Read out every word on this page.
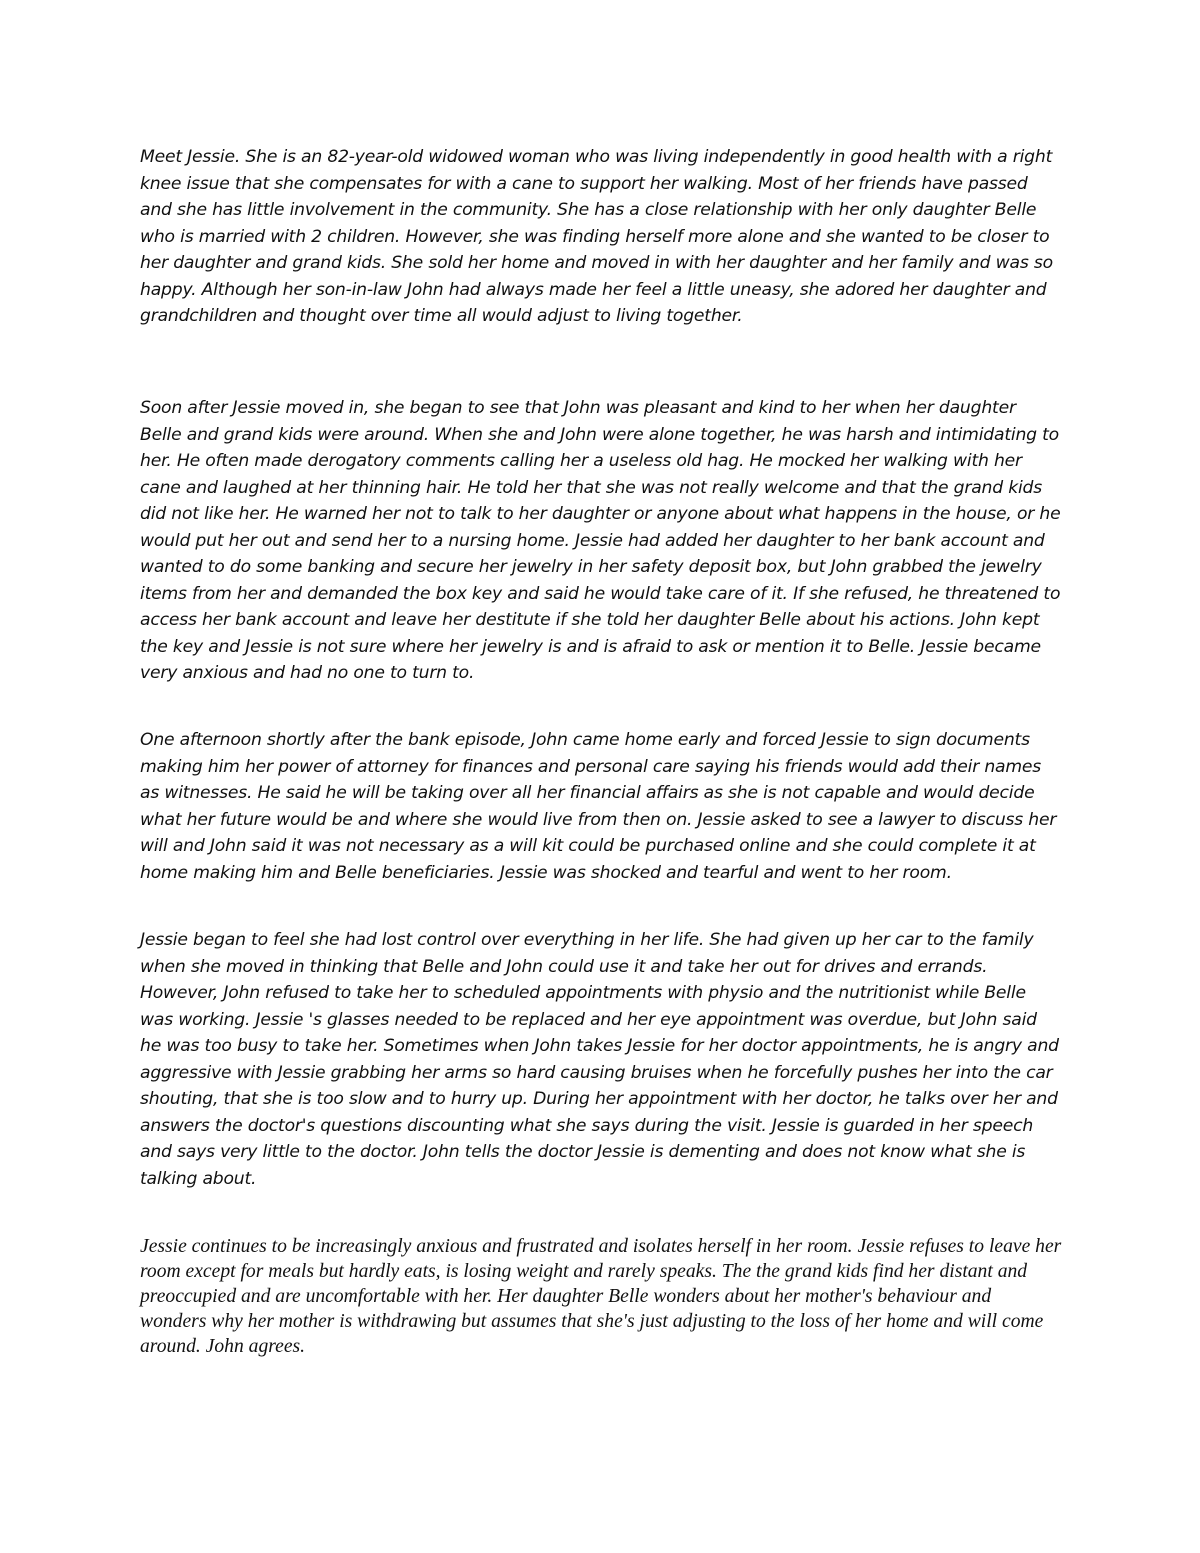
Meet Jessie. She is an 82-year-old widowed woman who was living independently in good health with a right knee issue that she compensates for with a cane to support her walking. Most of her friends have passed and she has little involvement in the community. She has a close relationship with her only daughter Belle who is married with 2 children. However, she was finding herself more alone and she wanted to be closer to her daughter and grand kids. She sold her home and moved in with her daughter and her family and was so happy. Although her son-in-law John had always made her feel a little uneasy, she adored her daughter and grandchildren and thought over time all would adjust to living together.

Soon after Jessie moved in, she began to see that John was pleasant and kind to her when her daughter Belle and grand kids were around. When she and John were alone together, he was harsh and intimidating to her. He often made derogatory comments calling her a useless old hag. He mocked her walking with her cane and laughed at her thinning hair. He told her that she was not really welcome and that the grand kids did not like her. He warned her not to talk to her daughter or anyone about what happens in the house, or he would put her out and send her to a nursing home. Jessie had added her daughter to her bank account and wanted to do some banking and secure her jewelry in her safety deposit box, but John grabbed the jewelry items from her and demanded the box key and said he would take care of it. If she refused, he threatened to access her bank account and leave her destitute if she told her daughter Belle about his actions. John kept the key and Jessie is not sure where her jewelry is and is afraid to ask or mention it to Belle. Jessie became very anxious and had no one to turn to.

One afternoon shortly after the bank episode, John came home early and forced Jessie to sign documents making him her power of attorney for finances and personal care saying his friends would add their names as witnesses. He said he will be taking over all her financial affairs as she is not capable and would decide what her future would be and where she would live from then on. Jessie asked to see a lawyer to discuss her will and John said it was not necessary as a will kit could be purchased online and she could complete it at home making him and Belle beneficiaries. Jessie was shocked and tearful and went to her room.

Jessie began to feel she had lost control over everything in her life. She had given up her car to the family when she moved in thinking that Belle and John could use it and take her out for drives and errands. However, John refused to take her to scheduled appointments with physio and the nutritionist while Belle was working. Jessie 's glasses needed to be replaced and her eye appointment was overdue, but John said he was too busy to take her. Sometimes when John takes Jessie for her doctor appointments, he is angry and aggressive with Jessie grabbing her arms so hard causing bruises when he forcefully pushes her into the car shouting, that she is too slow and to hurry up. During her appointment with her doctor, he talks over her and answers the doctor's questions discounting what she says during the visit. Jessie is guarded in her speech and says very little to the doctor. John tells the doctor Jessie is dementing and does not know what she is talking about.

Jessie continues to be increasingly anxious and frustrated and isolates herself in her room. Jessie refuses to leave her room except for meals but hardly eats, is losing weight and rarely speaks. The the grand kids find her distant and preoccupied and are uncomfortable with her. Her daughter Belle wonders about her mother's behaviour and wonders why her mother is withdrawing but assumes that she's just adjusting to the loss of her home and will come around. John agrees.
